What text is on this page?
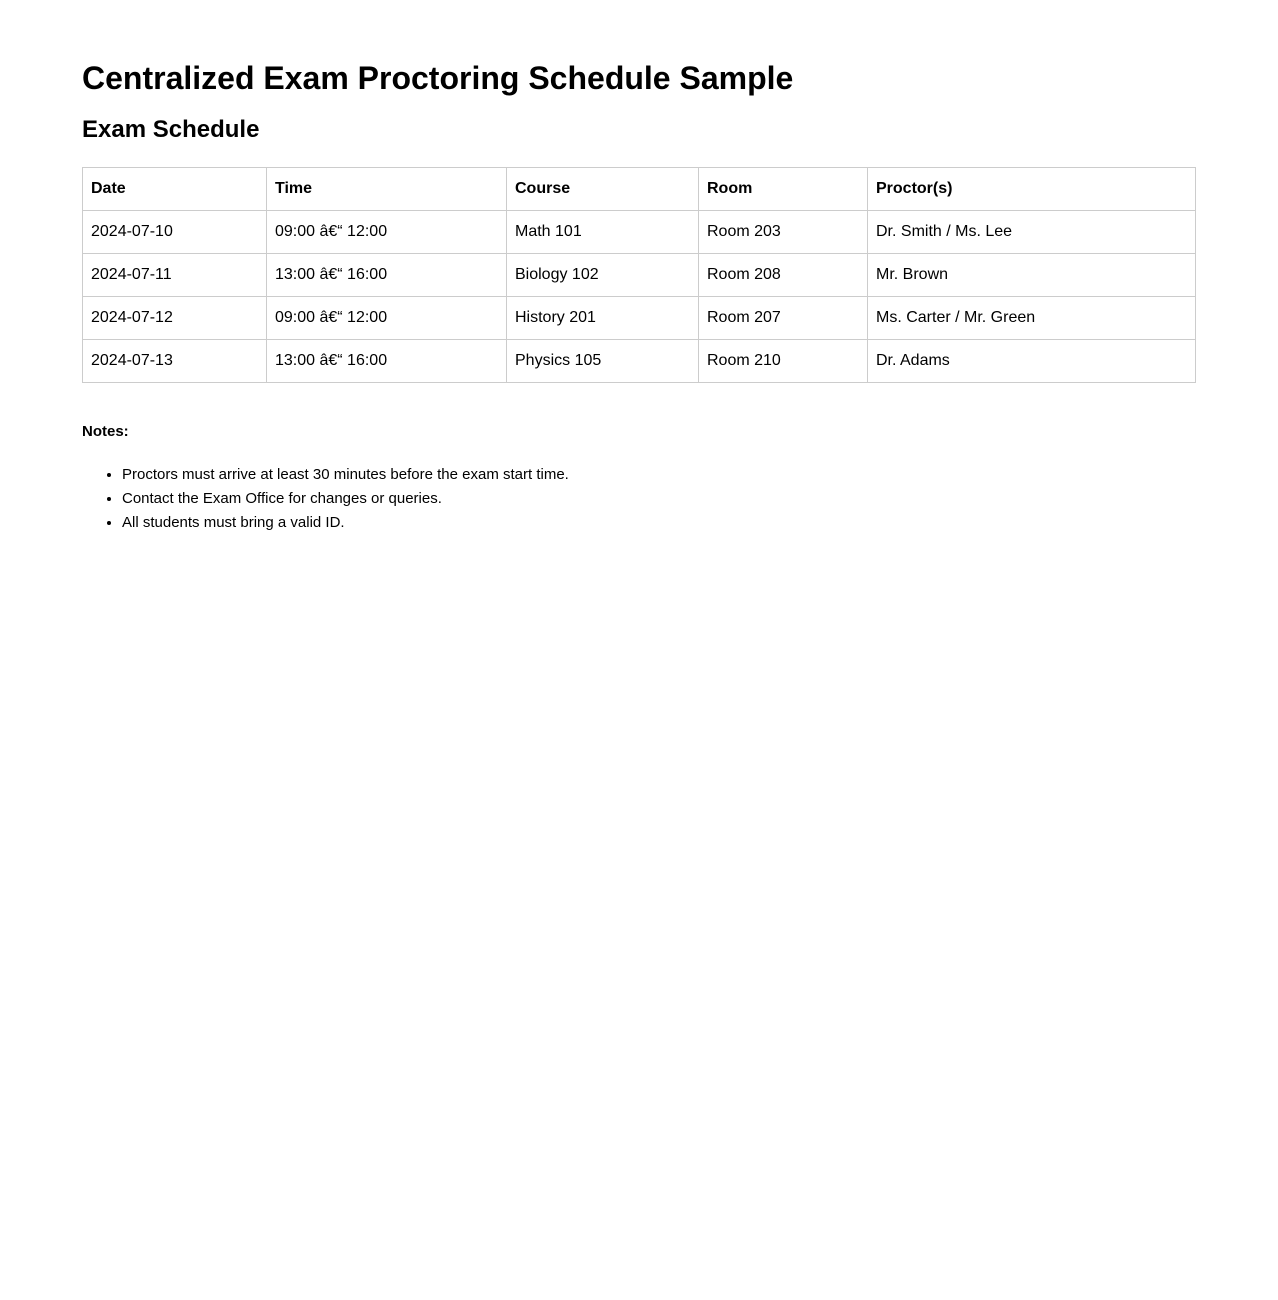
Centralized Exam Proctoring Schedule Sample
Exam Schedule
Date	Time	Course	Room	Proctor(s)
2024-07-10	09:00 â€“ 12:00	Math 101	Room 203	Dr. Smith / Ms. Lee
2024-07-11	13:00 â€“ 16:00	Biology 102	Room 208	Mr. Brown
2024-07-12	09:00 â€“ 12:00	History 201	Room 207	Ms. Carter / Mr. Green
2024-07-13	13:00 â€“ 16:00	Physics 105	Room 210	Dr. Adams

Notes:

• Proctors must arrive at least 30 minutes before the exam start time.
• Contact the Exam Office for changes or queries.
• All students must bring a valid ID.
